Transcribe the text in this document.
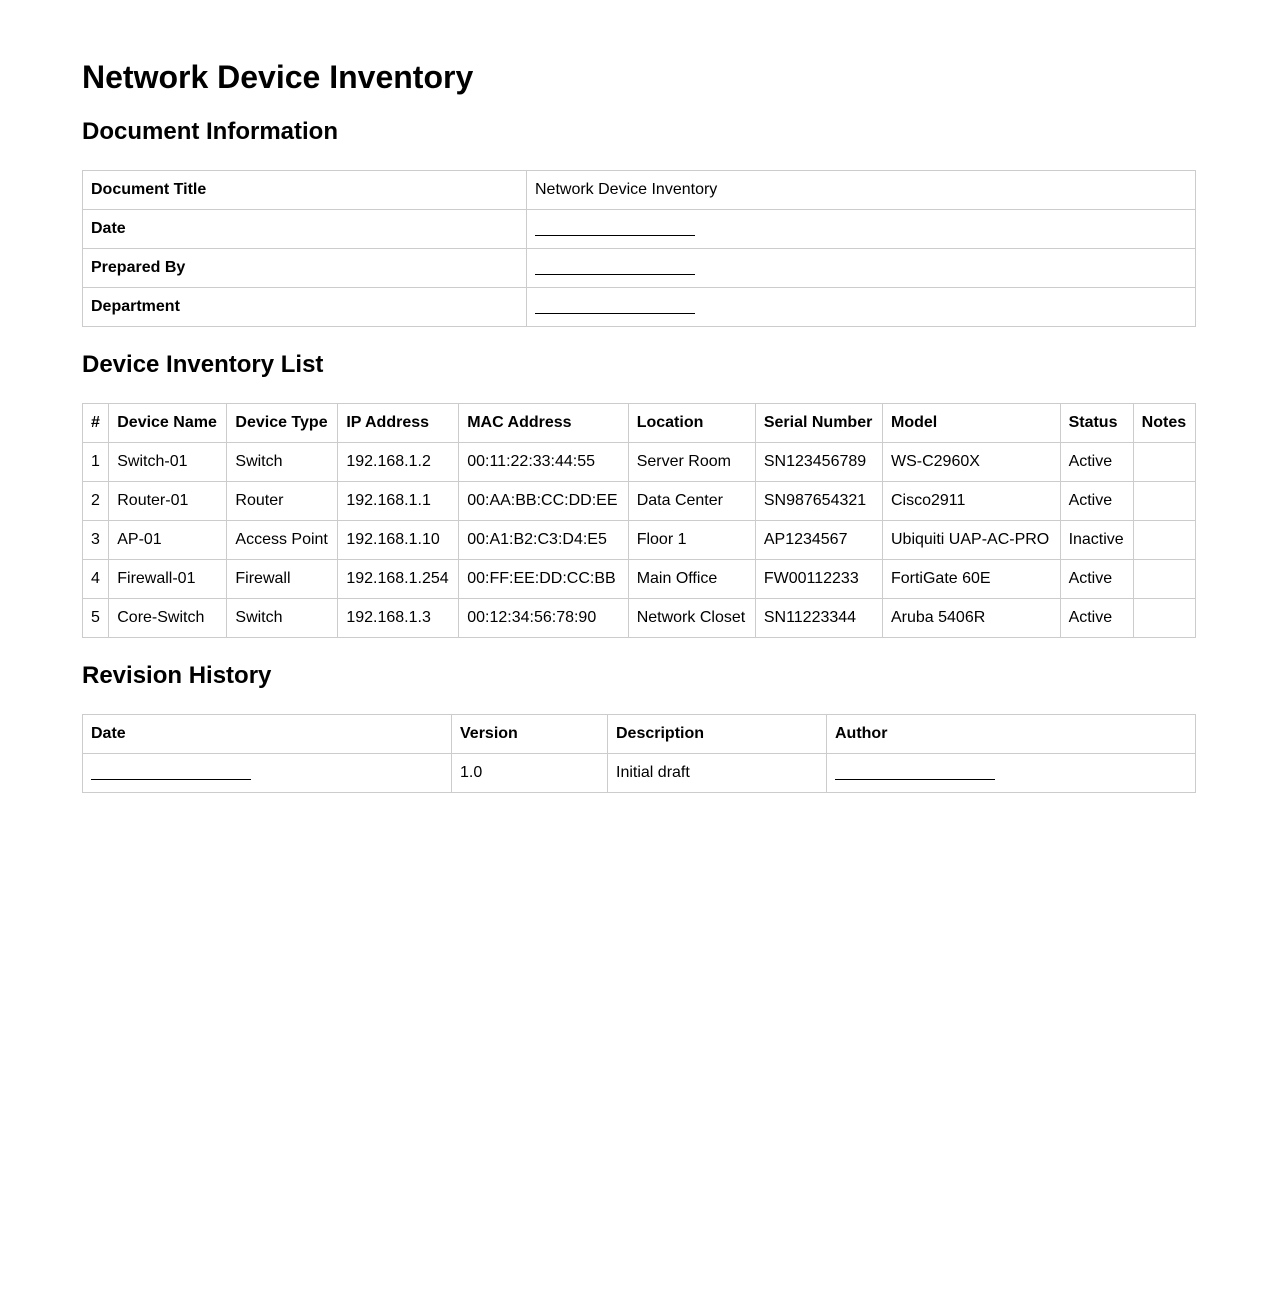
Network Device Inventory
Document Information
Document Title	Network Device Inventory
Date	
Prepared By	
Department	
Device Inventory List
#	Device Name	Device Type	IP Address	MAC Address	Location	Serial Number	Model	Status	Notes
1	Switch-01	Switch	192.168.1.2	00:11:22:33:44:55	Server Room	SN123456789	WS-C2960X	Active	
2	Router-01	Router	192.168.1.1	00:AA:BB:CC:DD:EE	Data Center	SN987654321	Cisco2911	Active	
3	AP-01	Access Point	192.168.1.10	00:A1:B2:C3:D4:E5	Floor 1	AP1234567	Ubiquiti UAP-AC-PRO	Inactive	
4	Firewall-01	Firewall	192.168.1.254	00:FF:EE:DD:CC:BB	Main Office	FW00112233	FortiGate 60E	Active	
5	Core-Switch	Switch	192.168.1.3	00:12:34:56:78:90	Network Closet	SN11223344	Aruba 5406R	Active	
Revision History
Date	Version	Description	Author
	1.0	Initial draft	
